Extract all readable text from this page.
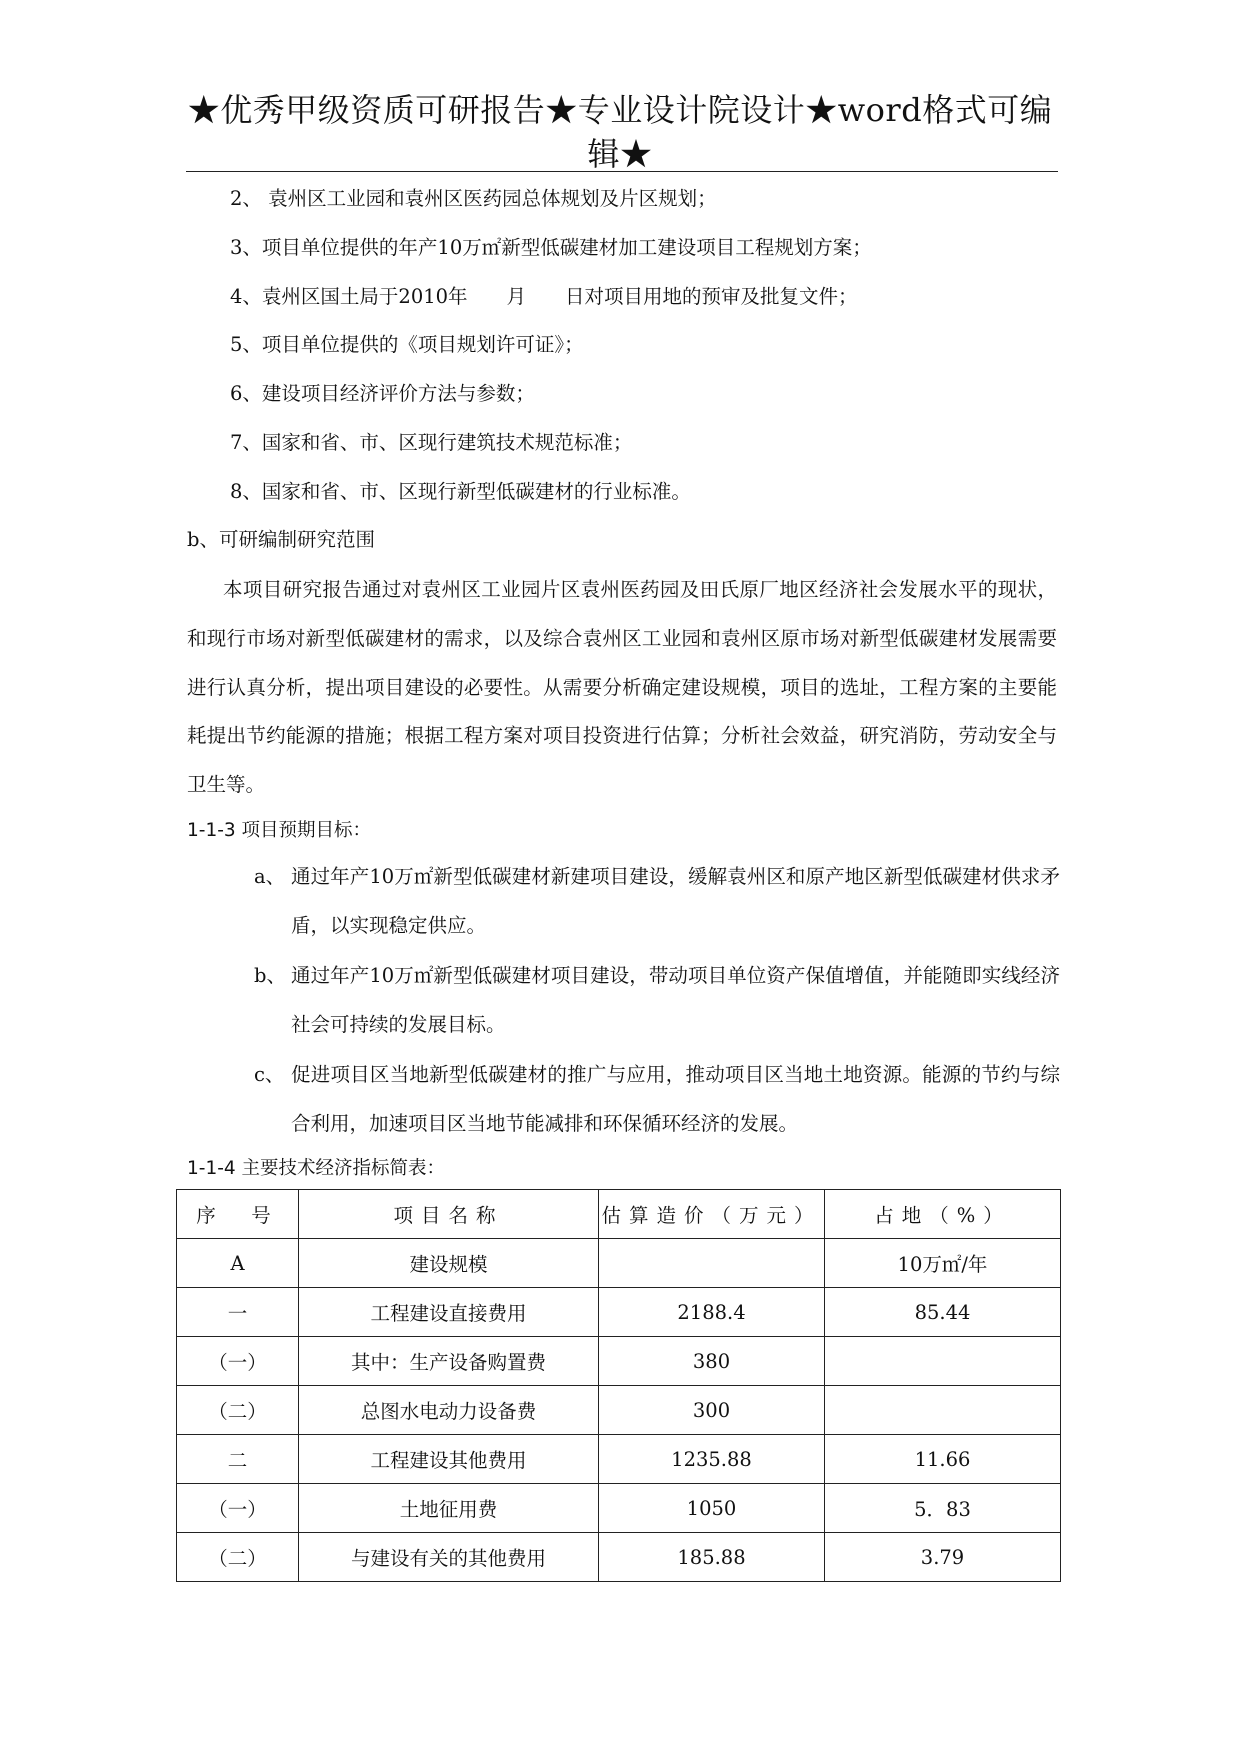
★优秀甲级资质可研报告★专业设计院设计★word格式可编辑★
2、 袁州区工业园和袁州区医药园总体规划及片区规划；
3、项目单位提供的年产10万㎡新型低碳建材加工建设项目工程规划方案；
4、袁州区国土局于2010年　　月　　日对项目用地的预审及批复文件；
5、项目单位提供的《项目规划许可证》；
6、建设项目经济评价方法与参数；
7、国家和省、市、区现行建筑技术规范标准；
8、国家和省、市、区现行新型低碳建材的行业标准。
b、可研编制研究范围
本项目研究报告通过对袁州区工业园片区袁州医药园及田氏原厂地区经济社会发展水平的现状，和现行市场对新型低碳建材的需求，以及综合袁州区工业园和袁州区原市场对新型低碳建材发展需要进行认真分析，提出项目建设的必要性。从需要分析确定建设规模，项目的选址，工程方案的主要能耗提出节约能源的措施；根据工程方案对项目投资进行估算；分析社会效益，研究消防，劳动安全与卫生等。
1-1-3 项目预期目标：
a、 通过年产10万㎡新型低碳建材新建项目建设，缓解袁州区和原产地区新型低碳建材供求矛盾，以实现稳定供应。
b、 通过年产10万㎡新型低碳建材项目建设，带动项目单位资产保值增值，并能随即实线经济社会可持续的发展目标。
c、 促进项目区当地新型低碳建材的推广与应用，推动项目区当地土地资源。能源的节约与综合利用，加速项目区当地节能减排和环保循环经济的发展。
1-1-4 主要技术经济指标简表：
序　号	项目名称	估算造价（万元）	占地（%）
A	建设规模		10万㎡/年
一	工程建设直接费用	2188.4	85.44
（一）	其中：生产设备购置费	380	
（二）	总图水电动力设备费	300	
二	工程建设其他费用	1235.88	11.66
（一）	土地征用费	1050	5．83
（二）	与建设有关的其他费用	185.88	3.79
